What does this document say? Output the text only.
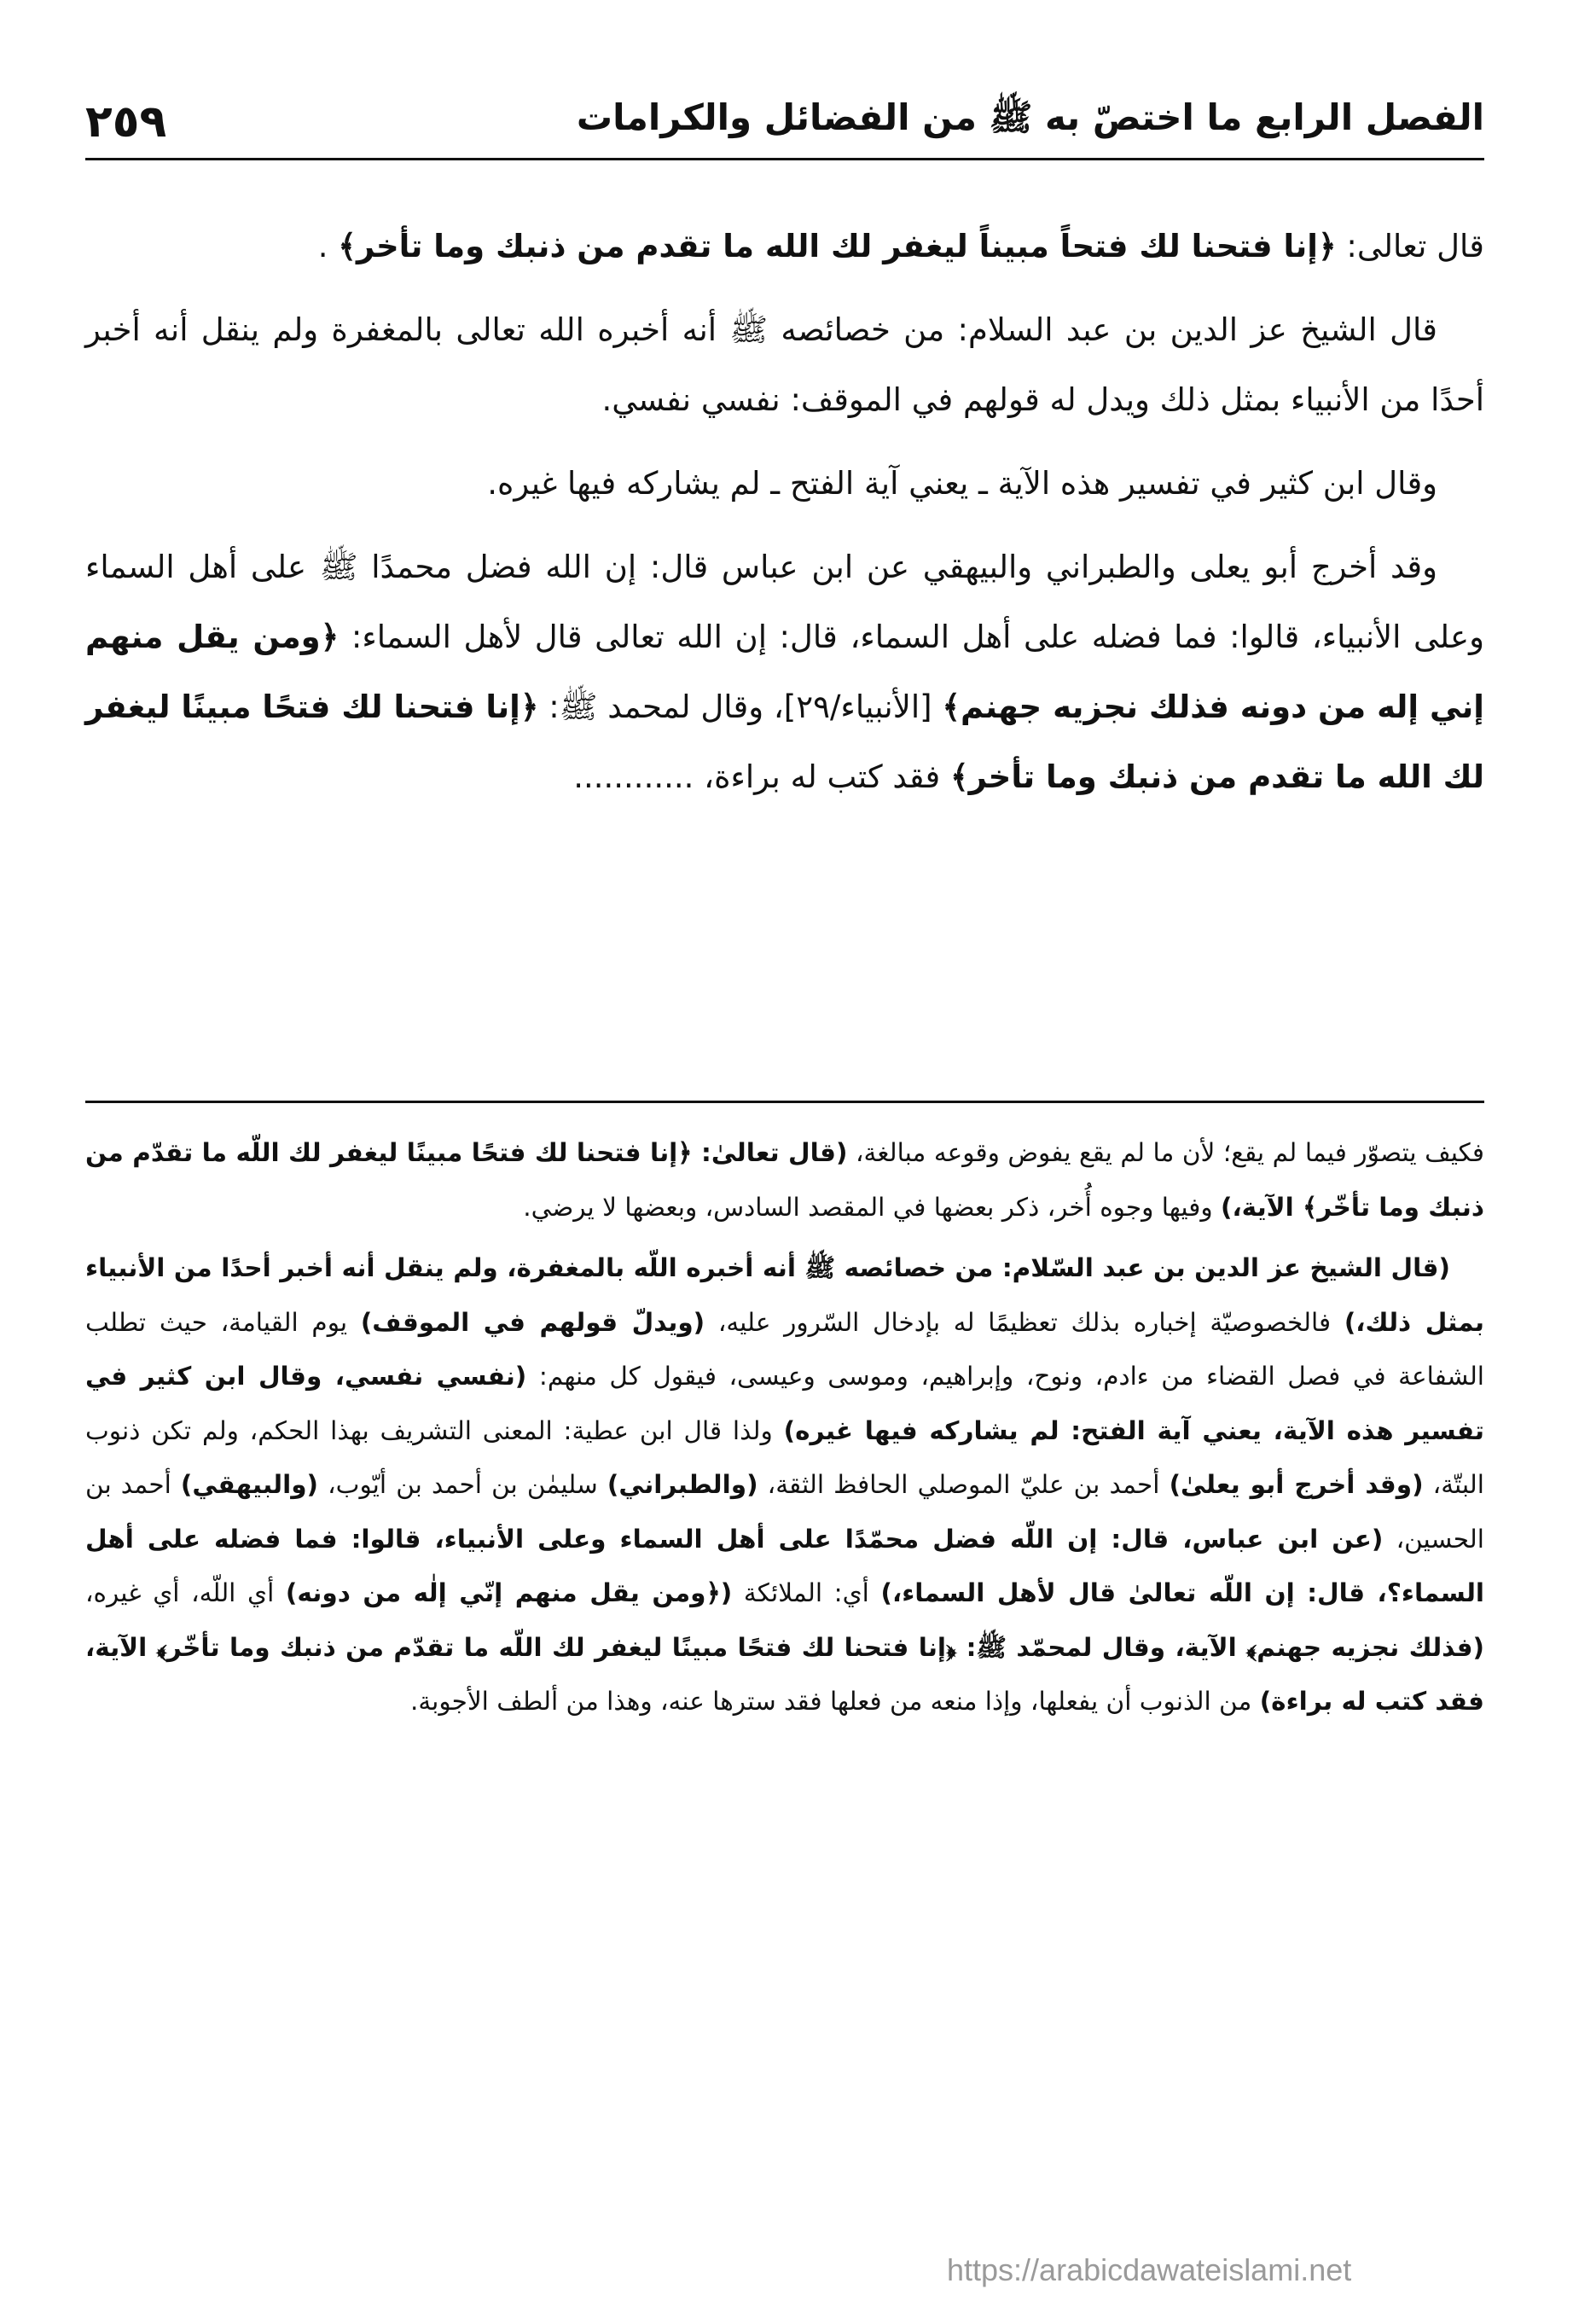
٢٥٩	الفصل الرابع ما اختصّ به ﷺ من الفضائل والكرامات

قال تعالى: ﴿إنا فتحنا لك فتحاً مبيناً ليغفر لك الله ما تقدم من ذنبك وما تأخر﴾ .

قال الشيخ عز الدين بن عبد السلام: من خصائصه ﷺ أنه أخبره الله تعالى بالمغفرة ولم ينقل أنه أخبر أحدًا من الأنبياء بمثل ذلك ويدل له قولهم في الموقف: نفسي نفسي.

وقال ابن كثير في تفسير هذه الآية ـ يعني آية الفتح ـ لم يشاركه فيها غيره.

وقد أخرج أبو يعلى والطبراني والبيهقي عن ابن عباس قال: إن الله فضل محمدًا ﷺ على أهل السماء وعلى الأنبياء، قالوا: فما فضله على أهل السماء، قال: إن الله تعالى قال لأهل السماء: ﴿ومن يقل منهم إني إله من دونه فذلك نجزيه جهنم﴾ [الأنبياء/٢٩]، وقال لمحمد ﷺ: ﴿إنا فتحنا لك فتحًا مبينًا ليغفر لك الله ما تقدم من ذنبك وما تأخر﴾ فقد كتب له براءة، ............

فكيف يتصوّر فيما لم يقع؛ لأن ما لم يقع يفوض وقوعه مبالغة، (قال تعالىٰ: ﴿إنا فتحنا لك فتحًا مبينًا ليغفر لك اللّه ما تقدّم من ذنبك وما تأخّر﴾ الآية،) وفيها وجوه أُخر، ذكر بعضها في المقصد السادس، وبعضها لا يرضي.

(قال الشيخ عز الدين بن عبد السّلام: من خصائصه ﷺ أنه أخبره اللّه بالمغفرة، ولم ينقل أنه أخبر أحدًا من الأنبياء بمثل ذلك،) فالخصوصيّة إخباره بذلك تعظيمًا له بإدخال السّرور عليه، (ويدلّ قولهم في الموقف) يوم القيامة، حيث تطلب الشفاعة في فصل القضاء من ءادم، ونوح، وإبراهيم، وموسى وعيسى، فيقول كل منهم: (نفسي نفسي، وقال ابن كثير في تفسير هذه الآية، يعني آية الفتح: لم يشاركه فيها غيره) ولذا قال ابن عطية: المعنى التشريف بهذا الحكم، ولم تكن ذنوب البتّة، (وقد أخرج أبو يعلىٰ) أحمد بن عليّ الموصلي الحافظ الثقة، (والطبراني) سليمٰن بن أحمد بن أيّوب، (والبيهقي) أحمد بن الحسين، (عن ابن عباس، قال: إن اللّه فضل محمّدًا على أهل السماء وعلى الأنبياء، قالوا: فما فضله على أهل السماء؟، قال: إن اللّه تعالىٰ قال لأهل السماء،) أي: الملائكة (﴿ومن يقل منهم إنّي إلٰه من دونه) أي اللّه، أي غيره، (فذلك نجزيه جهنم﴾ الآية، وقال لمحمّد ﷺ: ﴿إنا فتحنا لك فتحًا مبينًا ليغفر لك اللّه ما تقدّم من ذنبك وما تأخّر﴾ الآية، فقد كتب له براءة) من الذنوب أن يفعلها، وإذا منعه من فعلها فقد سترها عنه، وهذا من ألطف الأجوبة.

https://arabicdawateislami.net
